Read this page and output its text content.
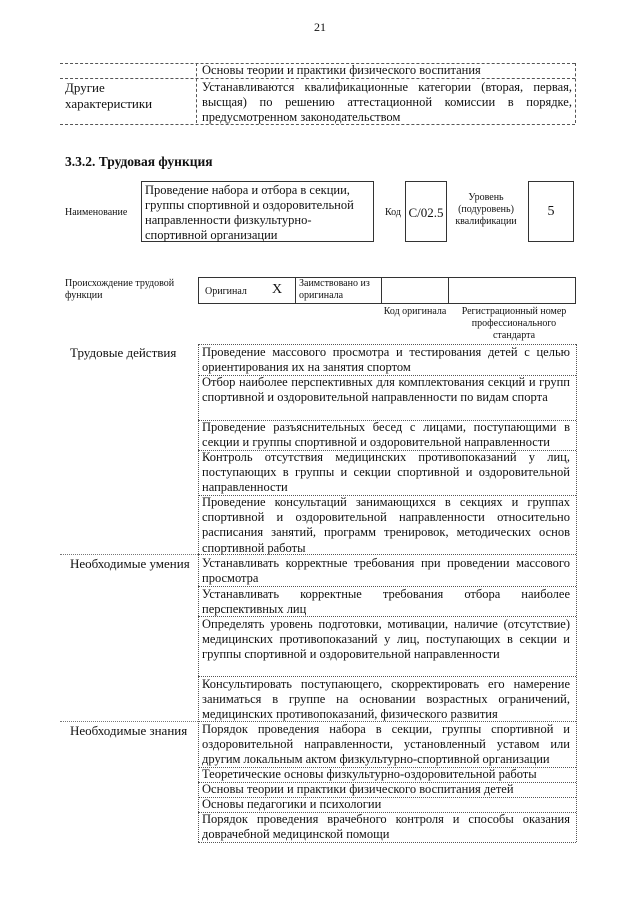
21
Основы теории и практики физического воспитания
Другие характеристики
Устанавливаются квалификационные категории (вторая, первая, высщая) по решению аттестационной комиссии в порядке, предусмотренном законодательством
3.3.2. Трудовая функция
Наименование
Проведение набора и отбора в секции, группы спортивной и оздоровительной направленности физкультурно-спортивной организации
Код С/02.5
Уровень (подуровень) квалификации
5
Происхождение трудовой функции	Оригинал X Заимствовано из оригинала
Код оригинала	Регистрационный номер профессионального стандарта
Трудовые действия Проведение массового просмотра и тестирования детей с целью ориентирования их на занятия спортом
Отбор наиболее перспективных для комплектования секций и групп спортивной и оздоровительной направленности по видам спорта
Проведение разъяснительных бесед с лицами, поступающими в секции и группы спортивной и оздоровительной направленности
Контроль отсутствия медицинских противопоказаний у лиц, поступающих в группы и секции спортивной и оздоровительной направленности
Проведение консультаций занимающихся в секциях и группах спортивной и оздоровительной направленности относительно расписания занятий, программ тренировок, методических основ спортивной работы
Необходимые умения Устанавливать корректные требования при проведении массового просмотра
Устанавливать корректные требования отбора наиболее перспективных лиц
Определять уровень подготовки, мотивации, наличие (отсутствие) медицинских противопоказаний у лиц, поступающих в секции и группы спортивной и оздоровительной направленности
Консультировать поступающего, скорректировать его намерение заниматься в группе на основании возрастных ограничений, медицинских противопоказаний, физического развития
Необходимые знания Порядок проведения набора в секции, группы спортивной и оздоровительной направленности, установленный уставом или другим локальным актом физкультурно-спортивной организации
Теоретические основы физкультурно-оздоровительной работы
Основы теории и практики физического воспитания детей
Основы педагогики и психологии
Порядок проведения врачебного контроля и способы оказания доврачебной медицинской помощи
